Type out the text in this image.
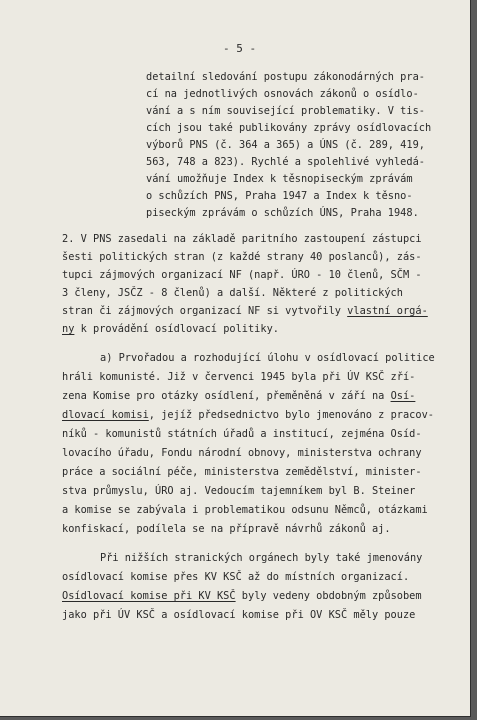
- 5 -
detailní sledování postupu zákonodárných pra-
cí na jednotlivých osnovách zákonů o osídlo-
vání a s ním související problematiky. V tis-
cích jsou také publikovány zprávy osídlovacích
výborů PNS (č. 364 a 365) a ÚNS (č. 289, 419,
563, 748 a 823). Rychlé a spolehlivé vyhledá-
vání umožňuje Index k těsnopiseckým zprávám
o schůzích PNS, Praha 1947 a Index k těsno-
piseckým zprávám o schůzích ÚNS, Praha 1948.
2. V PNS zasedali na základě paritního zastoupení zástupci
šesti politických stran (z každé strany 40 poslanců), zás-
tupci zájmových organizací NF (např. ÚRO - 10 členů, SČM -
3 členy, JSČZ - 8 členů) a další. Některé z politických
stran či zájmových organizací NF si vytvořily vlastní orgá-
ny k provádění osídlovací politiky.
a) Prvořadou a rozhodující úlohu v osídlovací politice
hráli komunisté. Již v červenci 1945 byla při ÚV KSČ zří-
zena Komise pro otázky osídlení, přeměněná v září na Osí-
dlovací komisi, jejíž předsednictvo bylo jmenováno z pracov-
níků - komunistů státních úřadů a institucí, zejména Osíd-
lovacího úřadu, Fondu národní obnovy, ministerstva ochrany
práce a sociální péče, ministerstva zemědělství, minister-
stva průmyslu, ÚRO aj. Vedoucím tajemníkem byl B. Steiner
a komise se zabývala i problematikou odsunu Němců, otázkami
konfiskací, podílela se na přípravě návrhů zákonů aj.
Při nižších stranických orgánech byly také jmenovány
osídlovací komise přes KV KSČ až do místních organizací.
Osídlovací komise při KV KSČ byly vedeny obdobným způsobem
jako při ÚV KSČ a osídlovací komise při OV KSČ měly pouze
